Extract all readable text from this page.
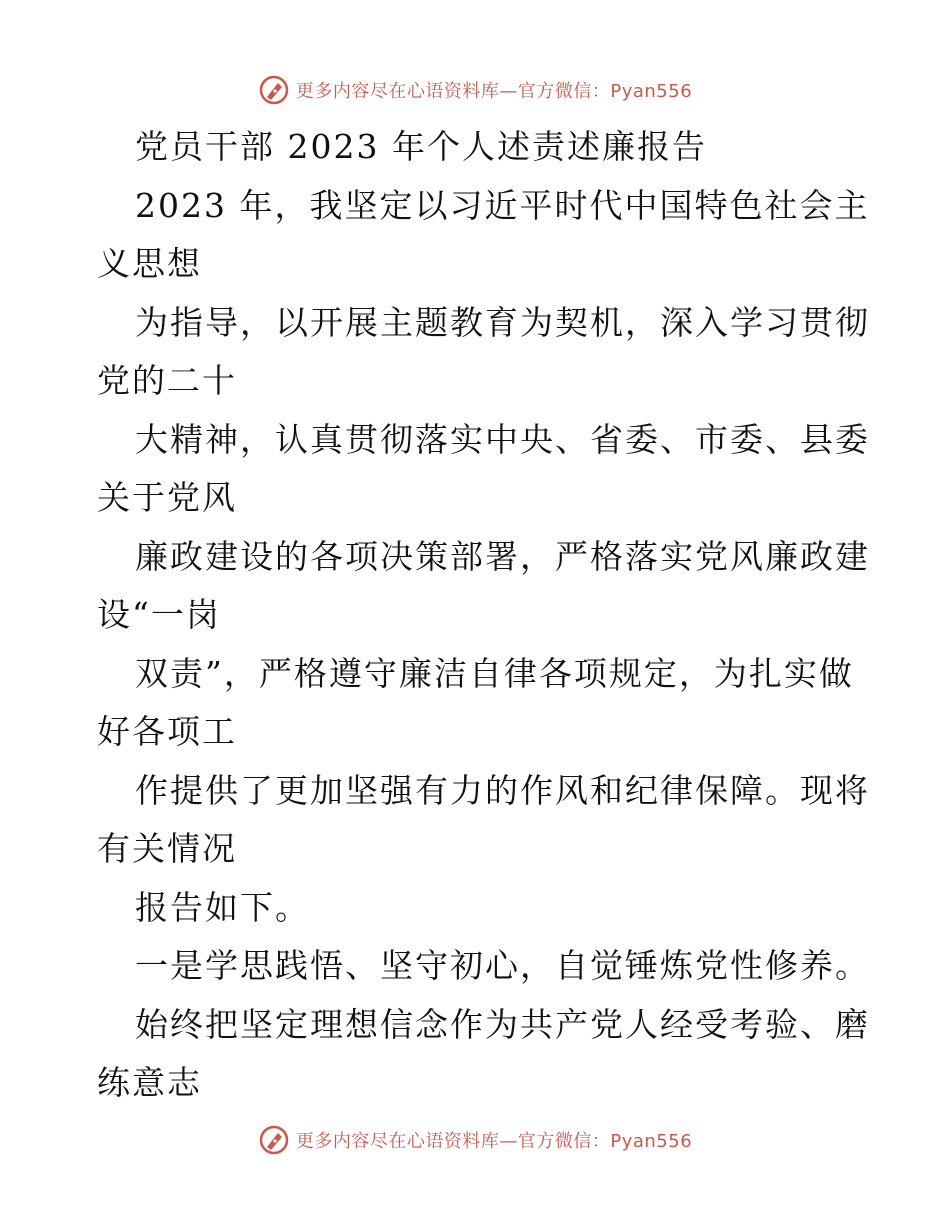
更多内容尽在心语资料库—官方微信：Pyan556
党员干部 2023 年个人述责述廉报告
2023 年，我坚定以习近平时代中国特色社会主
义思想
为指导，以开展主题教育为契机，深入学习贯彻
党的二十
大精神，认真贯彻落实中央、省委、市委、县委
关于党风
廉政建设的各项决策部署，严格落实党风廉政建
设“一岗
双责”，严格遵守廉洁自律各项规定，为扎实做
好各项工
作提供了更加坚强有力的作风和纪律保障。现将
有关情况
报告如下。
一是学思践悟、坚守初心，自觉锤炼党性修养。
始终把坚定理想信念作为共产党人经受考验、磨
练意志
更多内容尽在心语资料库—官方微信：Pyan556
